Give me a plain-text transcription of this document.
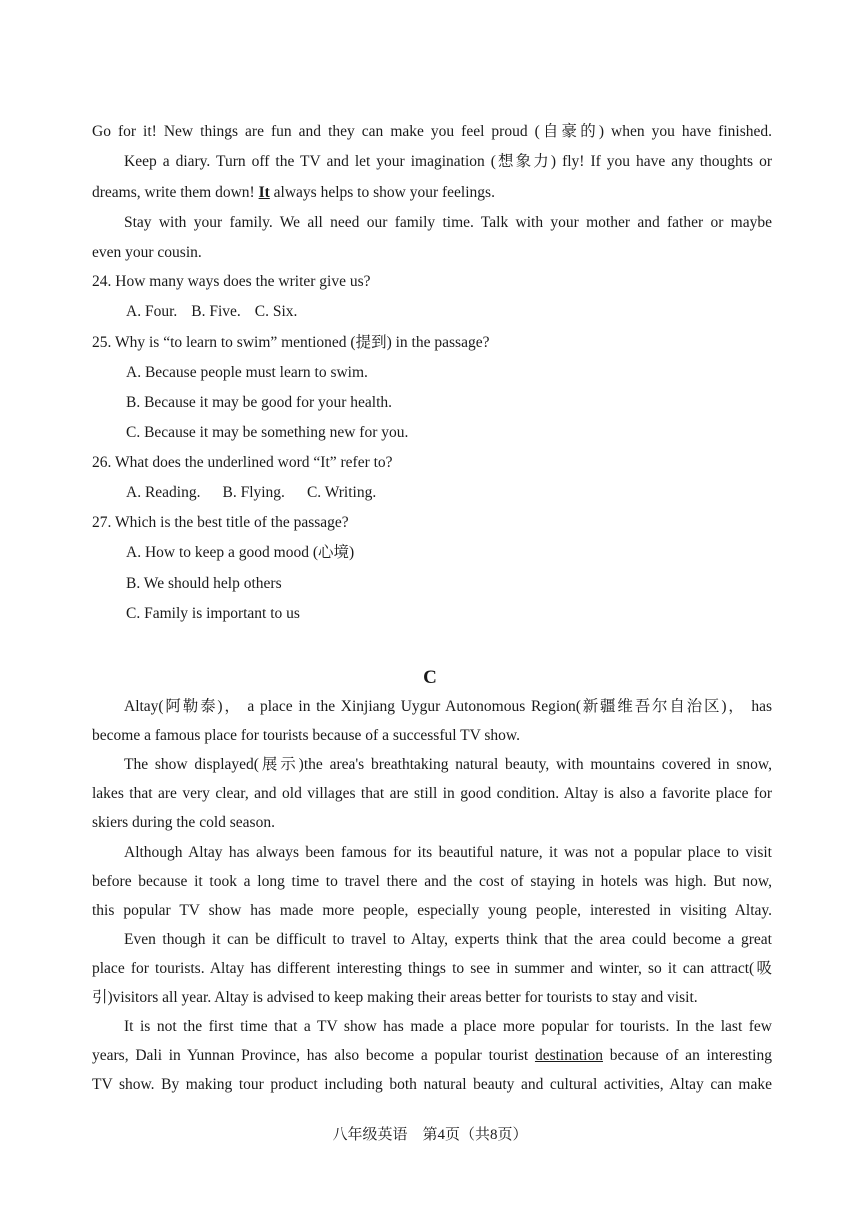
Go for it! New things are fun and they can make you feel proud (自豪的) when you have finished.
Keep a diary. Turn off the TV and let your imagination (想象力) fly! If you have any thoughts or
dreams, write them down! It always helps to show your feelings.
Stay with your family. We all need our family time. Talk with your mother and father or maybe
even your cousin.
24. How many ways does the writer give us?
A. Four. B. Five. C. Six.
25. Why is “to learn to swim” mentioned (提到) in the passage?
A. Because people must learn to swim.
B. Because it may be good for your health.
C. Because it may be something new for you.
26. What does the underlined word “It” refer to?
A. Reading. B. Flying. C. Writing.
27. Which is the best title of the passage?
A. How to keep a good mood (心境)
B. We should help others
C. Family is important to us
C
Altay(阿勒泰)， a place in the Xinjiang Uygur Autonomous Region(新疆维吾尔自治区)， has
become a famous place for tourists because of a successful TV show.
The show displayed(展示)the area's breathtaking natural beauty, with mountains covered in snow,
lakes that are very clear, and old villages that are still in good condition. Altay is also a favorite place for
skiers during the cold season.
Although Altay has always been famous for its beautiful nature, it was not a popular place to visit
before because it took a long time to travel there and the cost of staying in hotels was high. But now,
this popular TV show has made more people, especially young people, interested in visiting Altay.
Even though it can be difficult to travel to Altay, experts think that the area could become a great
place for tourists. Altay has different interesting things to see in summer and winter, so it can attract(吸
引)visitors all year. Altay is advised to keep making their areas better for tourists to stay and visit.
It is not the first time that a TV show has made a place more popular for tourists. In the last few
years, Dali in Yunnan Province, has also become a popular tourist destination because of an interesting
TV show. By making tour product including both natural beauty and cultural activities, Altay can make
八年级英语　第4页（共8页）
